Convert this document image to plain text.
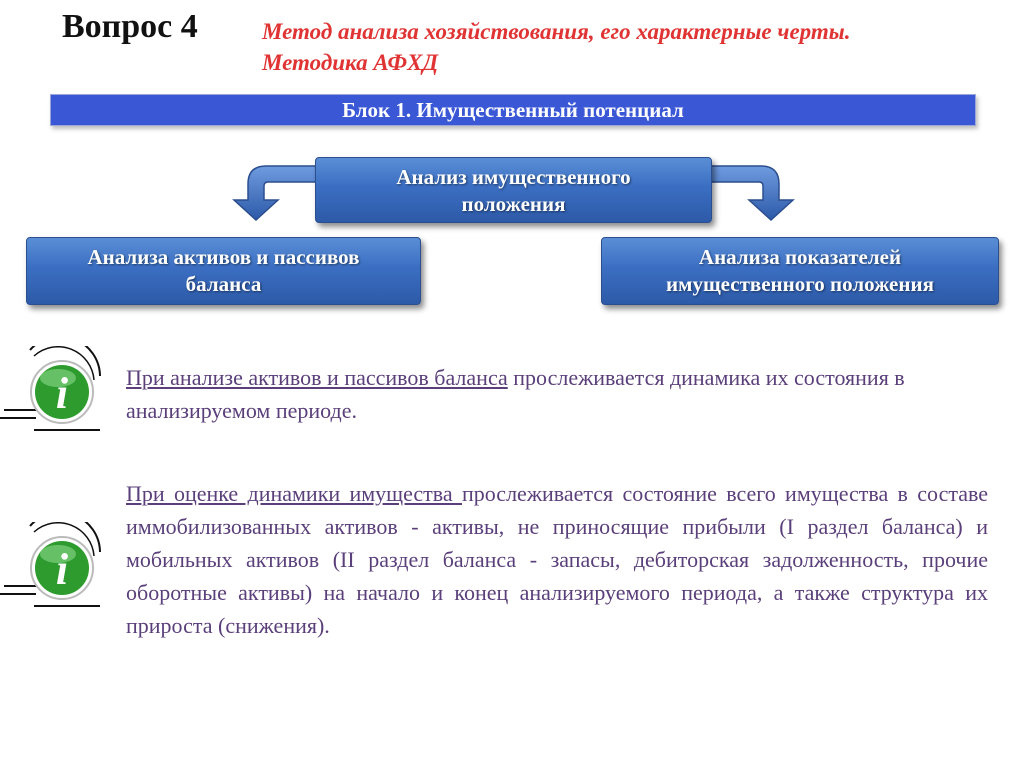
Вопрос 4	Метод анализа хозяйствования, его характерные черты.
Методика АФХД
Блок 1. Имущественный потенциал
Анализ имущественного
положения
Анализа активов и пассивов
баланса
Анализа показателей
имущественного положения
i
i
При анализе активов и пассивов баланса прослеживается динамика их состояния в анализируемом периоде.
При оценке динамики имущества прослеживается состояние всего имущества в составе иммобилизованных активов - активы, не приносящие прибыли (I раздел баланса) и мобильных активов (II раздел баланса - запасы, дебиторская задолженность, прочие оборотные активы) на начало и конец анализируемого периода, а также структура их прироста (снижения).
